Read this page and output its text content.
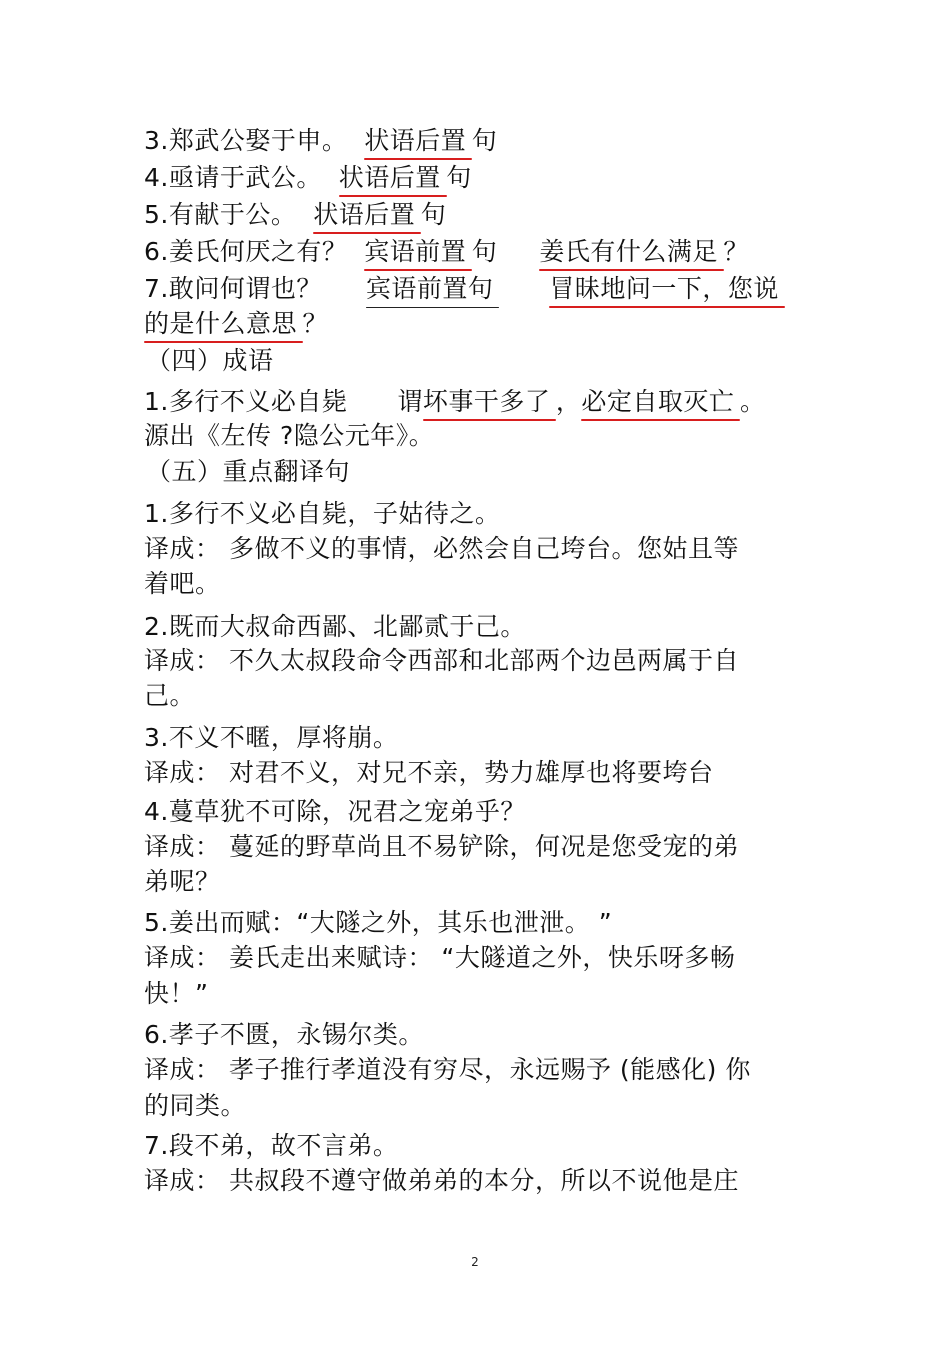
3.郑武公娶于申。 状语后置  句
4.亟请于武公。 状语后置  句
5.有献于公。 状语后置  句
6.姜氏何厌之有？ 宾语前置  句 姜氏有什么满足  ？
7.敢问何谓也？ 宾语前置句 冒昧地问一下，您说
的是什么意思  ？
（四）成语
1.多行不义必自毙 谓坏事干多了  ，必定自取灭亡  。
源出《左传 ?隐公元年》。
（五）重点翻译句
1.多行不义必自毙，子姑待之。
译成： 多做不义的事情，必然会自己垮台。您姑且等
着吧。
2.既而大叔命西鄙、北鄙贰于己。
译成： 不久太叔段命令西部和北部两个边邑两属于自
己。
3.不义不暱，厚将崩。
译成： 对君不义，对兄不亲，势力雄厚也将要垮台
4.蔓草犹不可除，况君之宠弟乎？
译成： 蔓延的野草尚且不易铲除，何况是您受宠的弟
弟呢？
5.姜出而赋：“大隧之外，其乐也泄泄。 ”
译成： 姜氏走出来赋诗： “大隧道之外，快乐呀多畅
快！”
6.孝子不匮，永锡尔类。
译成： 孝子推行孝道没有穷尽，永远赐予 (能感化) 你
的同类。
7.段不弟，故不言弟。
译成： 共叔段不遵守做弟弟的本分，所以不说他是庄
2
